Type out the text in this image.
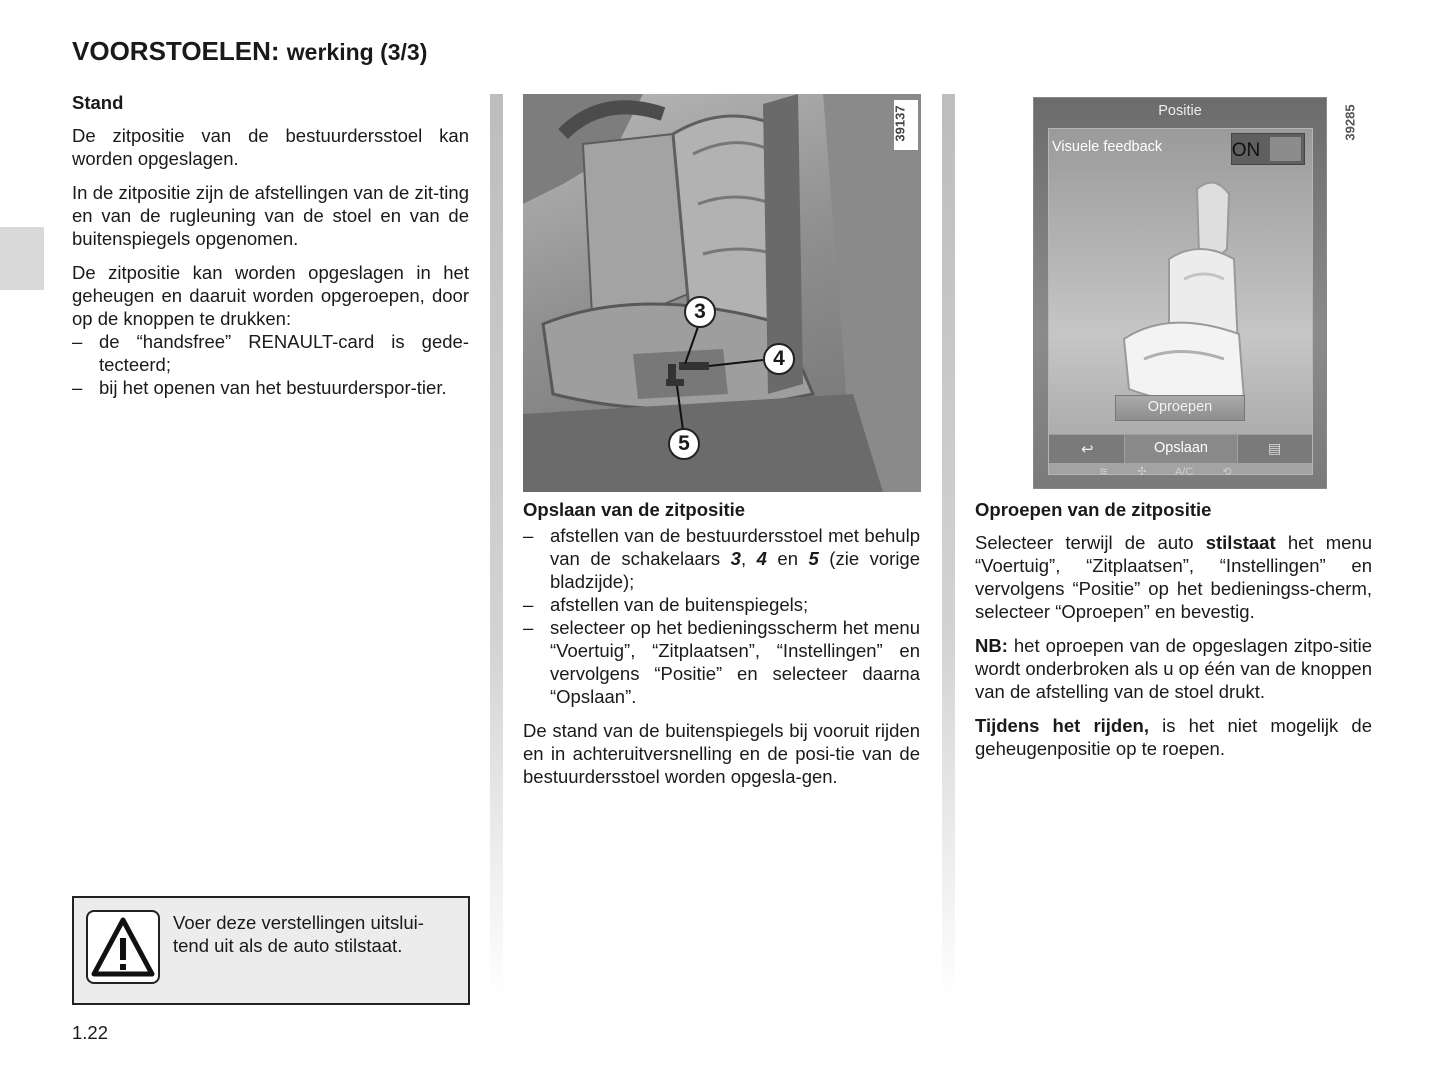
VOORSTOELEN: werking (3/3)
Stand

De zitpositie van de bestuurdersstoel kan worden opgeslagen.

In de zitpositie zijn de afstellingen van de zit-ting en van de rugleuning van de stoel en van de buitenspiegels opgenomen.

De zitpositie kan worden opgeslagen in het geheugen en daaruit worden opgeroepen, door op de knoppen te drukken:

– de “handsfree” RENAULT-card is gede-tecteerd;
– bij het openen van het bestuurderspor-tier.
Voer deze verstellingen uitslui-tend uit als de auto stilstaat.
39137
3
4
5
Opslaan van de zitpositie
– afstellen van de bestuurdersstoel met behulp van de schakelaars 3, 4 en 5 (zie vorige bladzijde);
– afstellen van de buitenspiegels;
– selecteer op het bedieningsscherm het menu “Voertuig”, “Zitplaatsen”, “Instellingen” en vervolgens “Positie” en selecteer daarna “Opslaan”.

De stand van de buitenspiegels bij vooruit rijden en in achteruitversnelling en de posi-tie van de bestuurdersstoel worden opgesla-gen.

Positie
Visuele feedback	ON
Oproepen
↩	Opslaan	▤
≋	✣	A/C	⟲
39285
Oproepen van de zitpositie

Selecteer terwijl de auto stilstaat het menu “Voertuig”, “Zitplaatsen”, “Instellingen” en vervolgens “Positie” op het bedieningss-cherm, selecteer “Oproepen” en bevestig.

NB: het oproepen van de opgeslagen zitpo-sitie wordt onderbroken als u op één van de knoppen van de afstelling van de stoel drukt.

Tijdens het rijden, is het niet mogelijk de geheugenpositie op te roepen.

1.22
